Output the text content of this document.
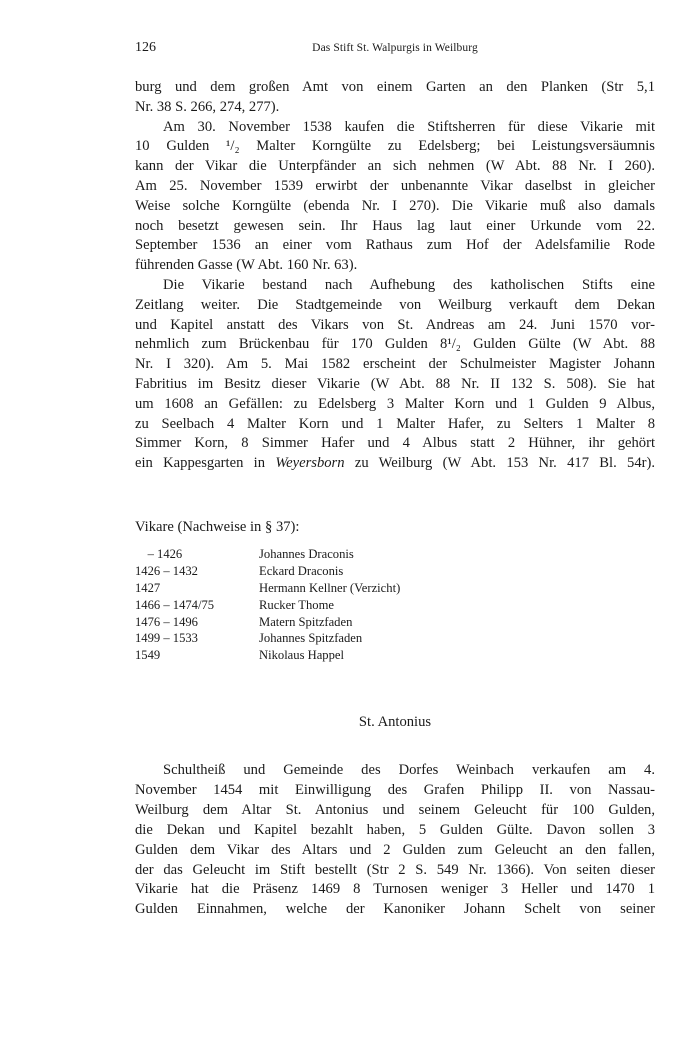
126	Das Stift St. Walpurgis in Weilburg
burg und dem großen Amt von einem Garten an den Planken (Str 5,1
Nr. 38 S. 266, 274, 277).
Am 30. November 1538 kaufen die Stiftsherren für diese Vikarie mit
10 Gulden ¹/₂ Malter Korngülte zu Edelsberg; bei Leistungsversäumnis
kann der Vikar die Unterpfänder an sich nehmen (W Abt. 88 Nr. I 260).
Am 25. November 1539 erwirbt der unbenannte Vikar daselbst in gleicher
Weise solche Korngülte (ebenda Nr. I 270). Die Vikarie muß also damals
noch besetzt gewesen sein. Ihr Haus lag laut einer Urkunde vom 22.
September 1536 an einer vom Rathaus zum Hof der Adelsfamilie Rode
führenden Gasse (W Abt. 160 Nr. 63).
Die Vikarie bestand nach Aufhebung des katholischen Stifts eine
Zeitlang weiter. Die Stadtgemeinde von Weilburg verkauft dem Dekan
und Kapitel anstatt des Vikars von St. Andreas am 24. Juni 1570 vor-
nehmlich zum Brückenbau für 170 Gulden 8¹/₂ Gulden Gülte (W Abt. 88
Nr. I 320). Am 5. Mai 1582 erscheint der Schulmeister Magister Johann
Fabritius im Besitz dieser Vikarie (W Abt. 88 Nr. II 132 S. 508). Sie hat
um 1608 an Gefällen: zu Edelsberg 3 Malter Korn und 1 Gulden 9 Albus,
zu Seelbach 4 Malter Korn und 1 Malter Hafer, zu Selters 1 Malter 8
Simmer Korn, 8 Simmer Hafer und 4 Albus statt 2 Hühner, ihr gehört
ein Kappesgarten in Weyersborn zu Weilburg (W Abt. 153 Nr. 417 Bl. 54r).
Vikare (Nachweise in § 37):
– 1426	Johannes Draconis
1426 – 1432	Eckard Draconis
1427	Hermann Kellner (Verzicht)
1466 – 1474/75	Rucker Thome
1476 – 1496	Matern Spitzfaden
1499 – 1533	Johannes Spitzfaden
1549	Nikolaus Happel
St. Antonius
Schultheiß und Gemeinde des Dorfes Weinbach verkaufen am 4.
November 1454 mit Einwilligung des Grafen Philipp II. von Nassau-
Weilburg dem Altar St. Antonius und seinem Geleucht für 100 Gulden,
die Dekan und Kapitel bezahlt haben, 5 Gulden Gülte. Davon sollen 3
Gulden dem Vikar des Altars und 2 Gulden zum Geleucht an den fallen,
der das Geleucht im Stift bestellt (Str 2 S. 549 Nr. 1366). Von seiten dieser
Vikarie hat die Präsenz 1469 8 Turnosen weniger 3 Heller und 1470 1
Gulden Einnahmen, welche der Kanoniker Johann Schelt von seiner
